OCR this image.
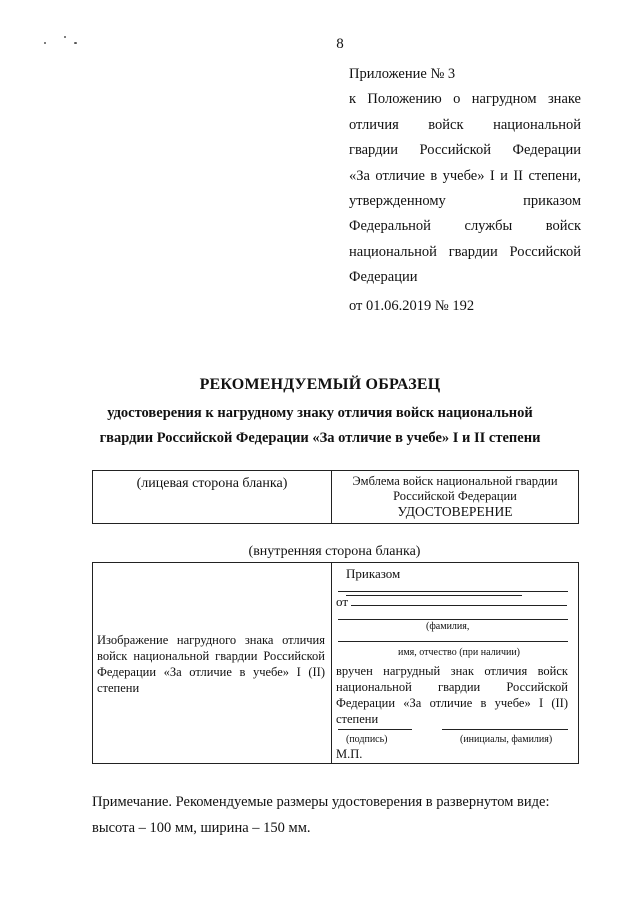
8
Приложение № 3
к Положению о нагрудном знаке
отличия войск национальной
гвардии Российской Федерации
«За отличие в учебе» I и II степени,
утвержденному приказом
Федеральной службы войск
национальной гвардии Российской
Федерации
от 01.06.2019 № 192
РЕКОМЕНДУЕМЫЙ ОБРАЗЕЦ
удостоверения к нагрудному знаку отличия войск национальной
гвардии Российской Федерации «За отличие в учебе» I и II степени
(лицевая сторона бланка)	Эмблема войск национальной гвардии
Российской Федерации
УДОСТОВЕРЕНИЕ
(внутренняя сторона бланка)
Изображение нагрудного знака отличия войск национальной гвардии Российской Федерации «За отличие в учебе» I (II) степени
Приказом
от
(фамилия,
имя, отчество (при наличии)
вручен нагрудный знак отличия войск национальной гвардии Российской Федерации «За отличие в учебе» I (II) степени
(подпись)	(инициалы, фамилия)
М.П.
Примечание. Рекомендуемые размеры удостоверения в развернутом виде:
высота – 100 мм, ширина – 150 мм.
